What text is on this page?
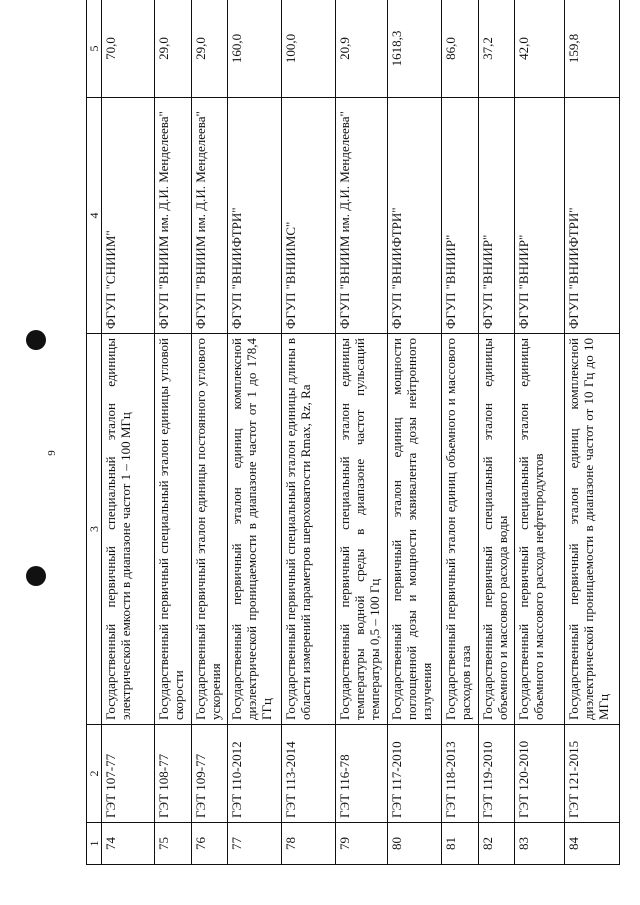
9
1	2	3	4	5
74	ГЭТ 107-77	Государственный первичный специальный эталон единицы электрической емкости в диапазоне частот 1 – 100 МГц	ФГУП "СНИИМ"	70,0
75	ГЭТ 108-77	Государственный первичный специальный эталон единицы угловой скорости	ФГУП "ВНИИМ им. Д.И. Менделеева"	29,0
76	ГЭТ 109-77	Государственный первичный эталон единицы постоянного углового ускорения	ФГУП "ВНИИМ им. Д.И. Менделеева"	29,0
77	ГЭТ 110-2012	Государственный первичный эталон единиц комплексной диэлектрической проницаемости в диапазоне частот от 1 до 178,4 ГГц	ФГУП "ВНИИФТРИ"	160,0
78	ГЭТ 113-2014	Государственный первичный специальный эталон единицы длины в области измерений параметров шероховатости Rmax, Rz, Ra	ФГУП "ВНИИМС"	100,0
79	ГЭТ 116-78	Государственный первичный специальный эталон единицы температуры водной среды в диапазоне частот пульсаций температуры 0,5 – 100 Гц	ФГУП "ВНИИМ им. Д.И. Менделеева"	20,9
80	ГЭТ 117-2010	Государственный первичный эталон единиц мощности поглощенной дозы и мощности эквивалента дозы нейтронного излучения	ФГУП "ВНИИФТРИ"	1618,3
81	ГЭТ 118-2013	Государственный первичный эталон единиц объемного и массового расходов газа	ФГУП "ВНИИР"	86,0
82	ГЭТ 119-2010	Государственный первичный специальный эталон единицы объемного и массового расхода воды	ФГУП "ВНИИР"	37,2
83	ГЭТ 120-2010	Государственный первичный специальный эталон единицы объемного и массового расхода нефтепродуктов	ФГУП "ВНИИР"	42,0
84	ГЭТ 121-2015	Государственный первичный эталон единиц комплексной диэлектрической проницаемости в диапазоне частот от 10 Гц до 10 МГц	ФГУП "ВНИИФТРИ"	159,8
